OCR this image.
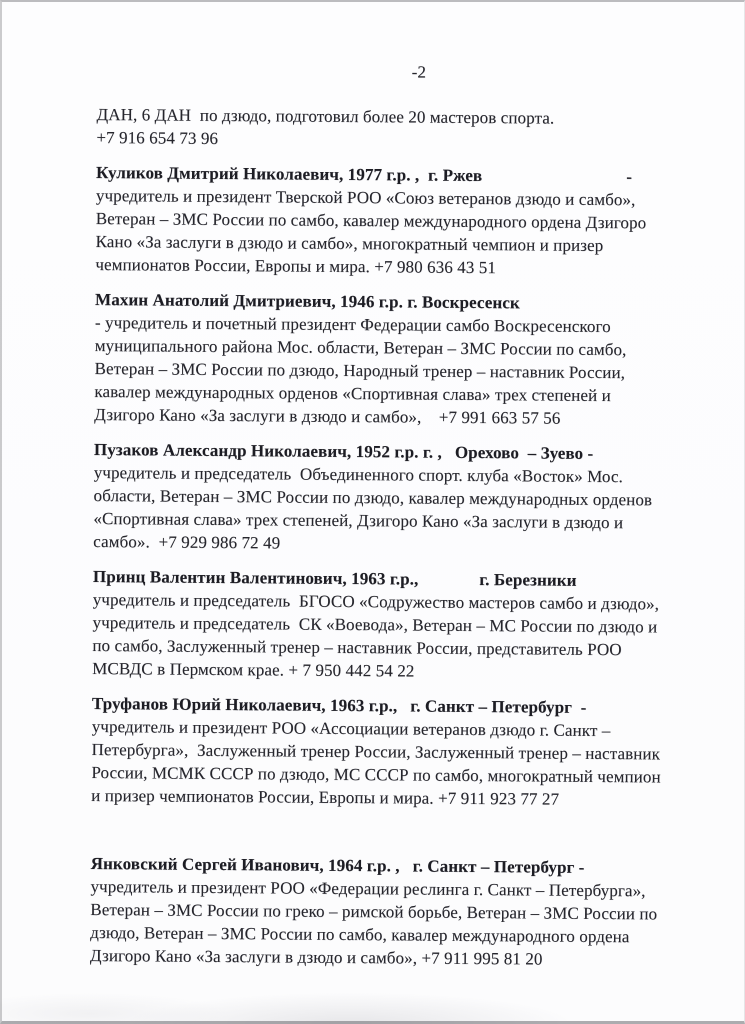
-2
ДАН, 6 ДАН  по дзюдо, подготовил более 20 мастеров спорта.
+7 916 654 73 96
Куликов Дмитрий Николаевич, 1977 г.р. ,  г. Ржев	-
учредитель и президент Тверской РОО «Союз ветеранов дзюдо и самбо»,
Ветеран – ЗМС России по самбо, кавалер международного ордена Дзигоро
Кано «За заслуги в дзюдо и самбо», многократный чемпион и призер
чемпионатов России, Европы и мира. +7 980 636 43 51
Махин Анатолий Дмитриевич, 1946 г.р. г. Воскресенск
- учредитель и почетный президент Федерации самбо Воскресенского
муниципального района Мос. области, Ветеран – ЗМС России по самбо,
Ветеран – ЗМС России по дзюдо, Народный тренер – наставник России,
кавалер международных орденов «Спортивная слава» трех степеней и
Дзигоро Кано «За заслуги в дзюдо и самбо»,    +7 991 663 57 56
Пузаков Александр Николаевич, 1952 г.р. г. ,   Орехово  – Зуево -
учредитель и председатель  Объединенного спорт. клуба «Восток» Мос.
области, Ветеран – ЗМС России по дзюдо, кавалер международных орденов
«Спортивная слава» трех степеней, Дзигоро Кано «За заслуги в дзюдо и
самбо».  +7 929 986 72 49
Принц Валентин Валентинович, 1963 г.р.,              г. Березники
учредитель и председатель  БГОСО «Содружество мастеров самбо и дзюдо»,
учредитель и председатель  СК «Воевода», Ветеран – МС России по дзюдо и
по самбо, Заслуженный тренер – наставник России, представитель РОО
МСВДС в Пермском крае. + 7 950 442 54 22
Труфанов Юрий Николаевич, 1963 г.р.,   г. Санкт – Петербург  -
учредитель и президент РОО «Ассоциации ветеранов дзюдо г. Санкт –
Петербурга»,  Заслуженный тренер России, Заслуженный тренер – наставник
России, МСМК СССР по дзюдо, МС СССР по самбо, многократный чемпион
и призер чемпионатов России, Европы и мира. +7 911 923 77 27
Янковский Сергей Иванович, 1964 г.р. ,   г. Санкт – Петербург -
учредитель и президент РОО «Федерации реслинга г. Санкт – Петербурга»,
Ветеран – ЗМС России по греко – римской борьбе, Ветеран – ЗМС России по
дзюдо, Ветеран – ЗМС России по самбо, кавалер международного ордена
Дзигоро Кано «За заслуги в дзюдо и самбо», +7 911 995 81 20
